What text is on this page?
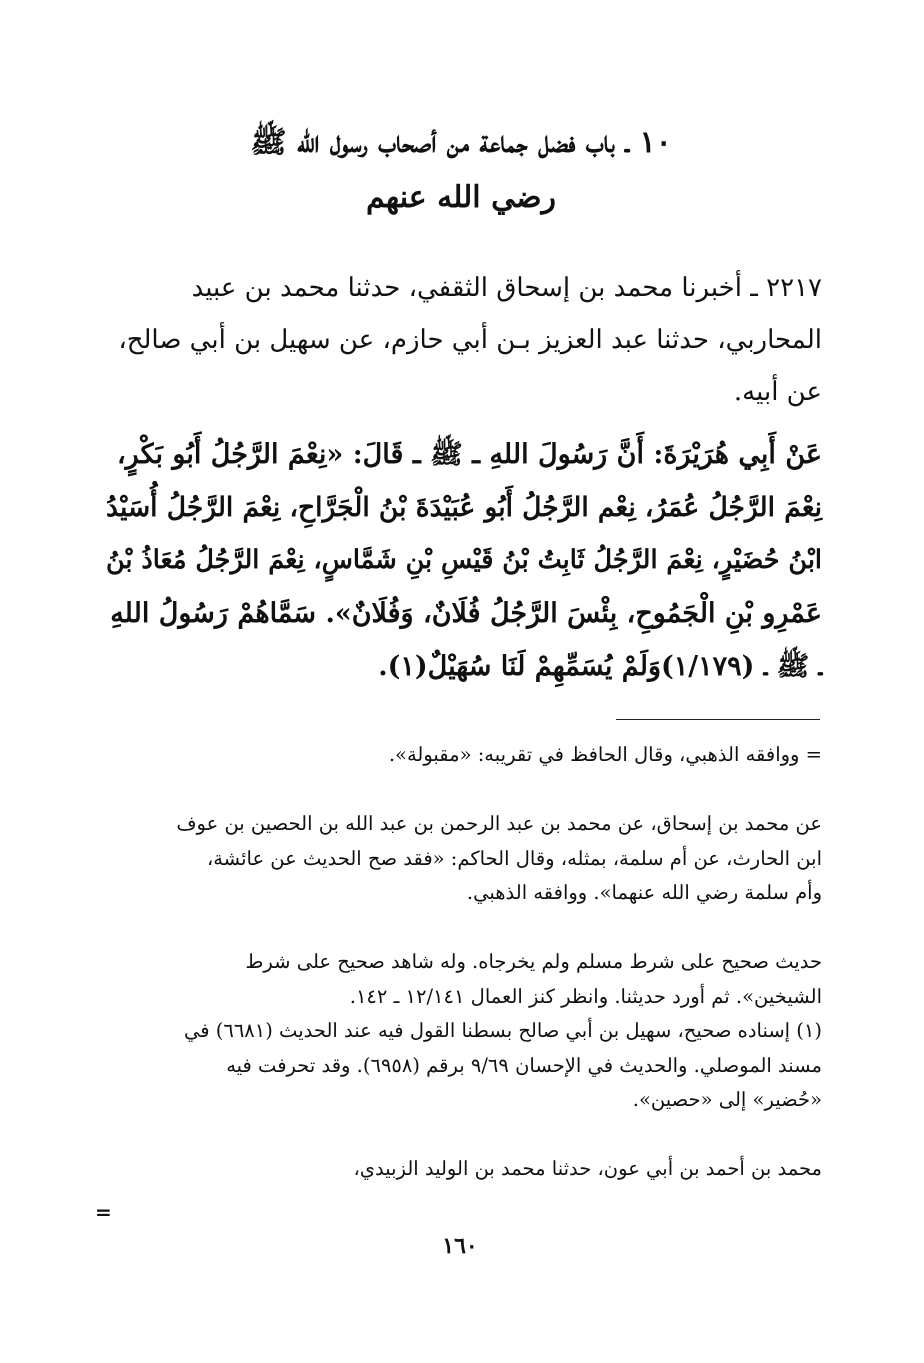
١٠ ـ باب فضل جماعة من أصحاب رسول الله ﷺ
رضي الله عنهم
٢٢١٧ ـ أخبرنا محمد بن إسحاق الثقفي، حدثنا محمد بن عبيد
المحاربي، حدثنا عبد العزيز بـن أبي حازم، عن سهيل بن أبي صالح،
عن أبيه.
عَنْ أَبِي هُرَيْرَةَ: أَنَّ رَسُولَ اللهِ ـ ﷺ ـ قَالَ: «نِعْمَ الرَّجُلُ أَبُو بَكْرٍ،
نِعْمَ الرَّجُلُ عُمَرُ، نِعْم الرَّجُلُ أَبُو عُبَيْدَةَ بْنُ الْجَرَّاحِ، نِعْمَ الرَّجُلُ أُسَيْدُ
ابْنُ حُضَيْرٍ، نِعْمَ الرَّجُلُ ثَابِتُ بْنُ قَيْسِ بْنِ شَمَّاسٍ، نِعْمَ الرَّجُلُ مُعَاذُ بْنُ
عَمْرِو بْنِ الْجَمُوحِ، بِئْسَ الرَّجُلُ فُلَانٌ، وَفُلَانٌ». سَمَّاهُمْ رَسُولُ اللهِ
ـ ﷺ ـ (١/١٧٩)وَلَمْ يُسَمِّهِمْ لَنَا سُهَيْلٌ(١).
= ووافقه الذهبي، وقال الحافظ في تقريبه: «مقبولة».
عن محمد بن إسحاق، عن محمد بن عبد الرحمن بن عبد الله بن الحصين بن عوف
ابن الحارث، عن أم سلمة، بمثله، وقال الحاكم: «فقد صح الحديث عن عائشة،
وأم سلمة رضي الله عنهما». ووافقه الذهبي.
حديث صحيح على شرط مسلم ولم يخرجاه. وله شاهد صحيح على شرط
الشيخين». ثم أورد حديثنا. وانظر كنز العمال ١٢/١٤١ ـ ١٤٢.
(١) إسناده صحيح، سهيل بن أبي صالح بسطنا القول فيه عند الحديث (٦٦٨١) في
مسند الموصلي. والحديث في الإحسان ٩/٦٩ برقم (٦٩٥٨). وقد تحرفت فيه
«حُضير» إلى «حصين».
محمد بن أحمد بن أبي عون، حدثنا محمد بن الوليد الزبيدي،
=
١٦٠
